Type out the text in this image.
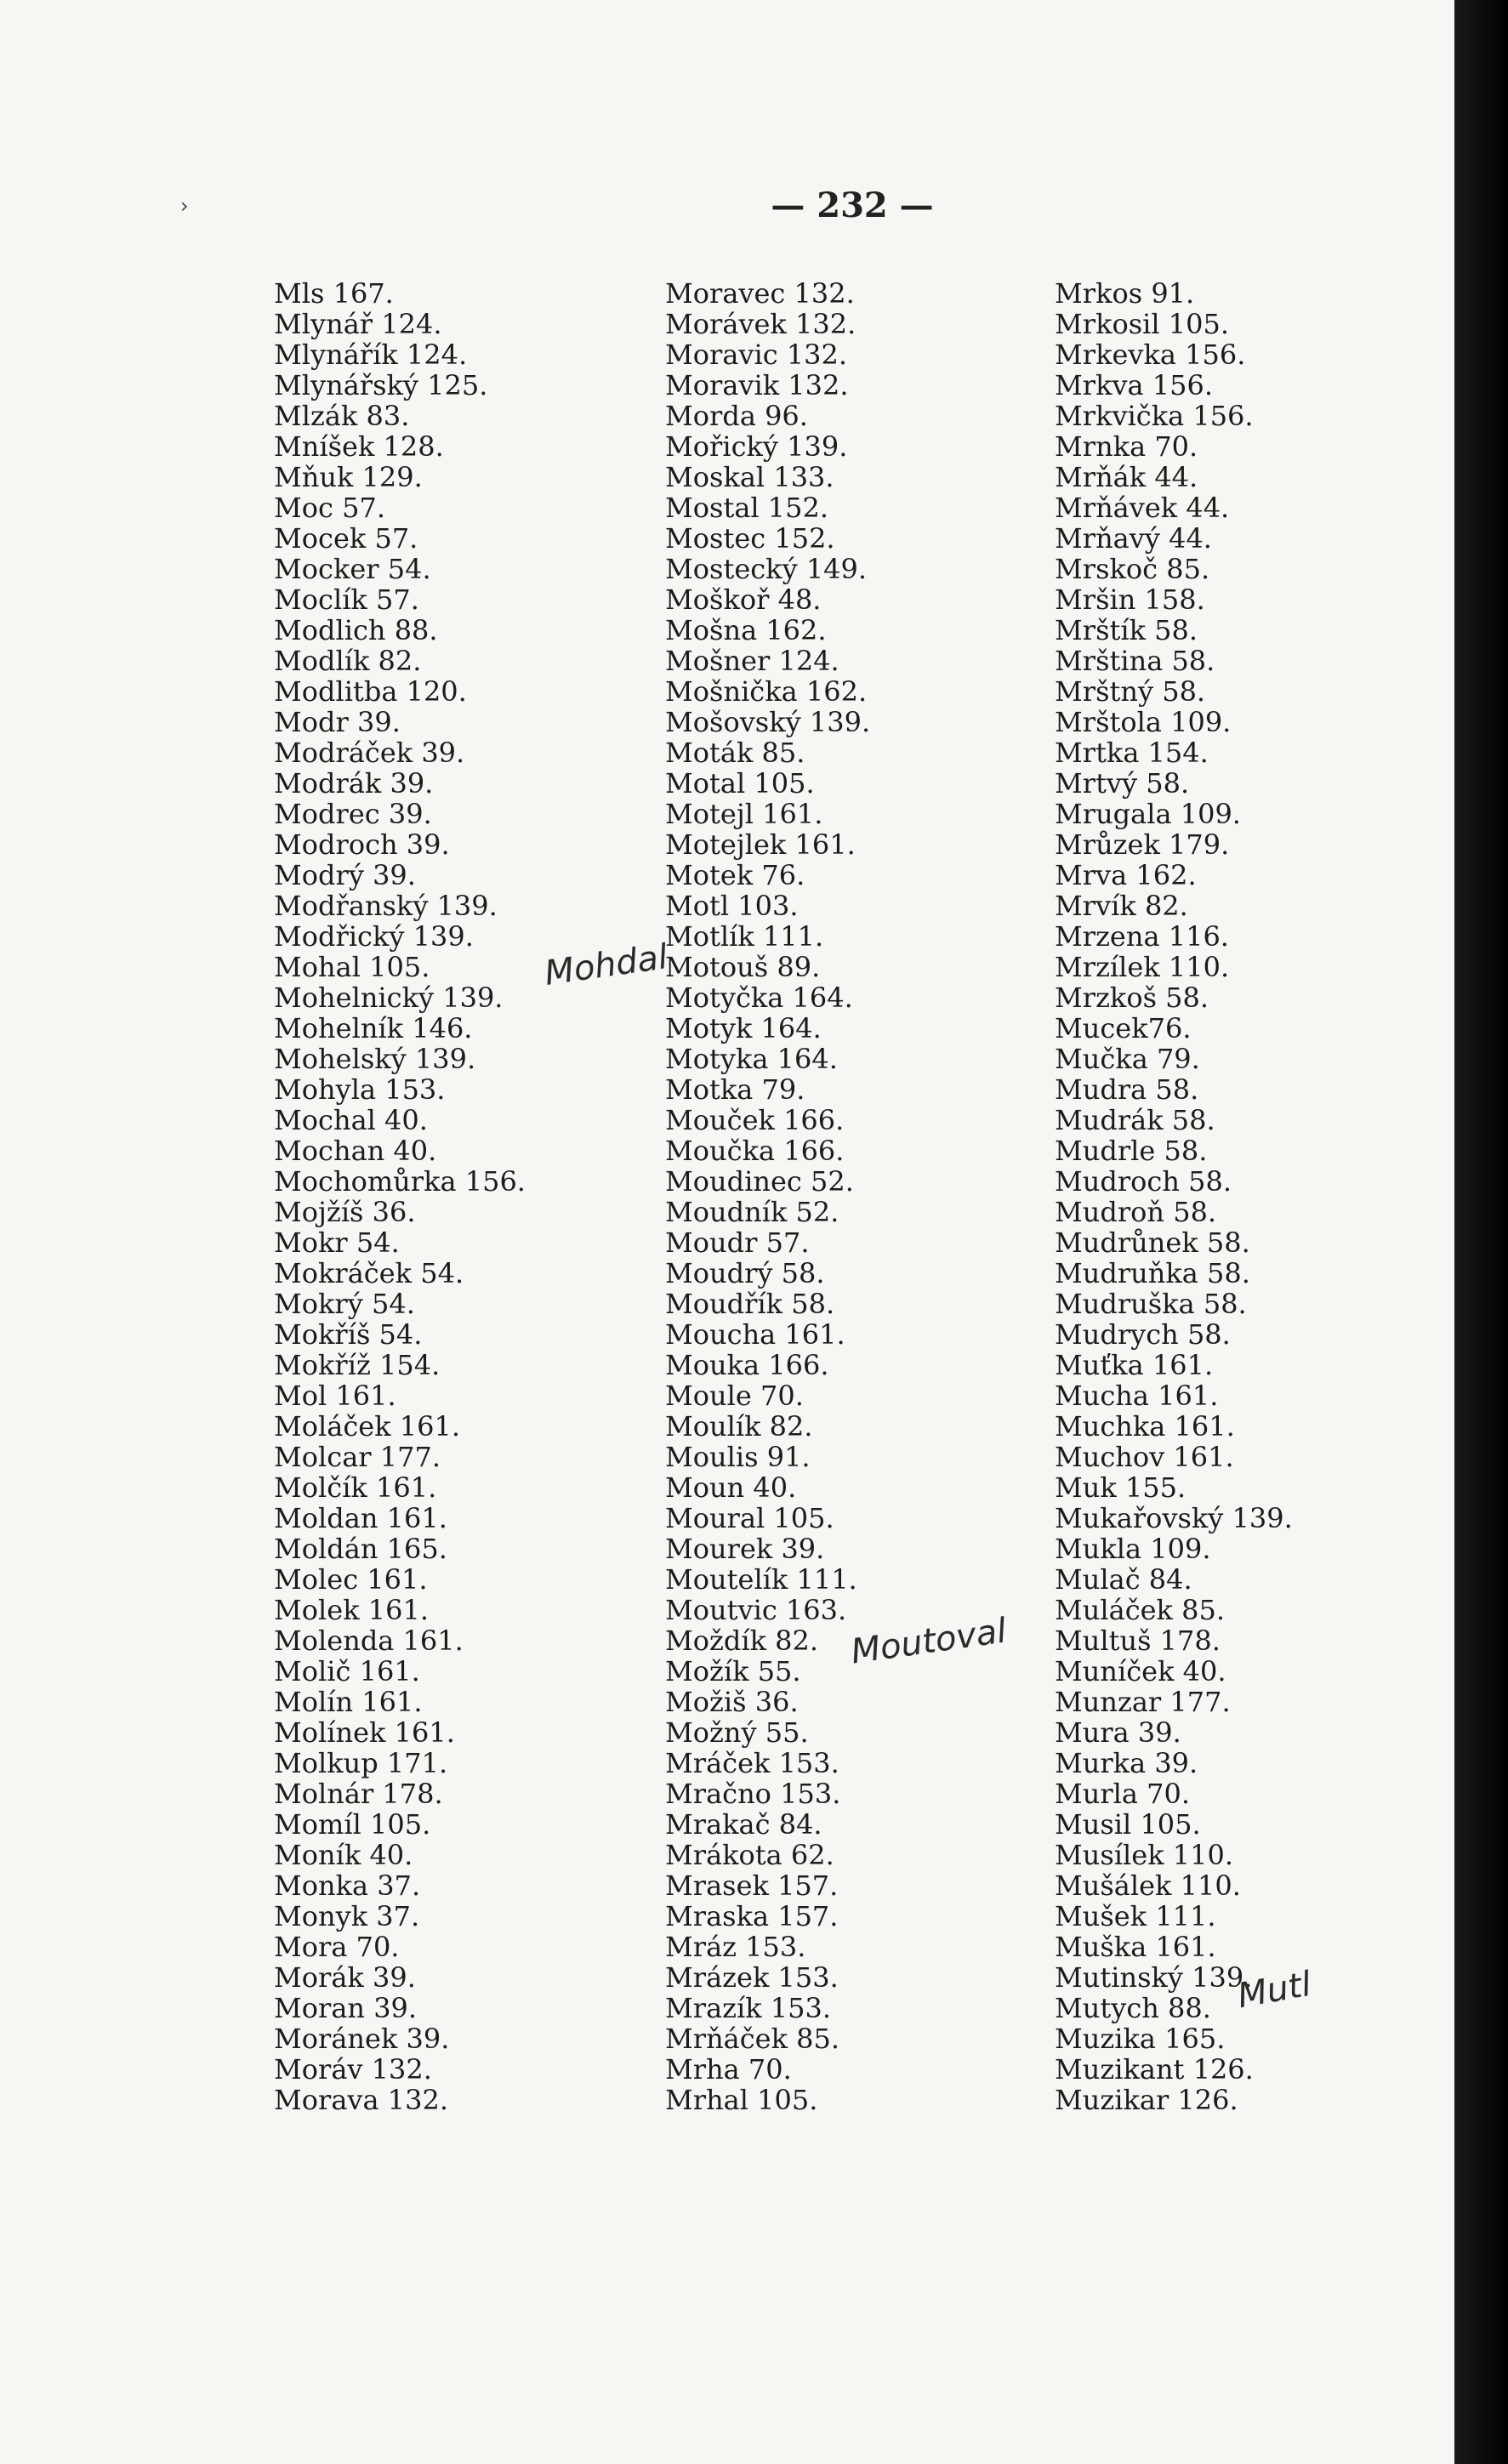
›	— 232 —
Mls 167.
Mlynář 124.
Mlynářík 124.
Mlynářský 125.
Mlzák 83.
Mníšek 128.
Mňuk 129.
Moc 57.
Mocek 57.
Mocker 54.
Moclík 57.
Modlich 88.
Modlík 82.
Modlitba 120.
Modr 39.
Modráček 39.
Modrák 39.
Modrec 39.
Modroch 39.
Modrý 39.
Modřanský 139.
Modřický 139.
Mohal 105.
Mohelnický 139.
Mohelník 146.
Mohelský 139.
Mohyla 153.
Mochal 40.
Mochan 40.
Mochomůrka 156.
Mojžíš 36.
Mokr 54.
Mokráček 54.
Mokrý 54.
Mokříš 54.
Mokříž 154.
Mol 161.
Moláček 161.
Molcar 177.
Molčík 161.
Moldan 161.
Moldán 165.
Molec 161.
Molek 161.
Molenda 161.
Molič 161.
Molín 161.
Molínek 161.
Molkup 171.
Molnár 178.
Momíl 105.
Moník 40.
Monka 37.
Monyk 37.
Mora 70.
Morák 39.
Moran 39.
Moránek 39.
Moráv 132.
Morava 132.
Moravec 132.
Morávek 132.
Moravic 132.
Moravik 132.
Morda 96.
Mořický 139.
Moskal 133.
Mostal 152.
Mostec 152.
Mostecký 149.
Moškoř 48.
Mošna 162.
Mošner 124.
Mošnička 162.
Mošovský 139.
Moták 85.
Motal 105.
Motejl 161.
Motejlek 161.
Motek 76.
Motl 103.
Motlík 111.
Motouš 89.
Motyčka 164.
Motyk 164.
Motyka 164.
Motka 79.
Mouček 166.
Moučka 166.
Moudinec 52.
Moudník 52.
Moudr 57.
Moudrý 58.
Moudřík 58.
Moucha 161.
Mouka 166.
Moule 70.
Moulík 82.
Moulis 91.
Moun 40.
Moural 105.
Mourek 39.
Moutelík 111.
Moutvic 163.
Moždík 82.
Možík 55.
Možiš 36.
Možný 55.
Mráček 153.
Mračno 153.
Mrakač 84.
Mrákota 62.
Mrasek 157.
Mraska 157.
Mráz 153.
Mrázek 153.
Mrazík 153.
Mrňáček 85.
Mrha 70.
Mrhal 105.
Mrkos 91.
Mrkosil 105.
Mrkevka 156.
Mrkva 156.
Mrkvička 156.
Mrnka 70.
Mrňák 44.
Mrňávek 44.
Mrňavý 44.
Mrskoč 85.
Mršin 158.
Mrštík 58.
Mrština 58.
Mrštný 58.
Mrštola 109.
Mrtka 154.
Mrtvý 58.
Mrugala 109.
Mrůzek 179.
Mrva 162.
Mrvík 82.
Mrzena 116.
Mrzílek 110.
Mrzkoš 58.
Mucek76.
Mučka 79.
Mudra 58.
Mudrák 58.
Mudrle 58.
Mudroch 58.
Mudroň 58.
Mudrůnek 58.
Mudruňka 58.
Mudruška 58.
Mudrych 58.
Muťka 161.
Mucha 161.
Muchka 161.
Muchov 161.
Muk 155.
Mukařovský 139.
Mukla 109.
Mulač 84.
Muláček 85.
Multuš 178.
Muníček 40.
Munzar 177.
Mura 39.
Murka 39.
Murla 70.
Musil 105.
Musílek 110.
Mušálek 110.
Mušek 111.
Muška 161.
Mutinský 139.
Mutych 88.
Muzika 165.
Muzikant 126.
Muzikar 126.
Mohdal
Moutoval
Mutl
